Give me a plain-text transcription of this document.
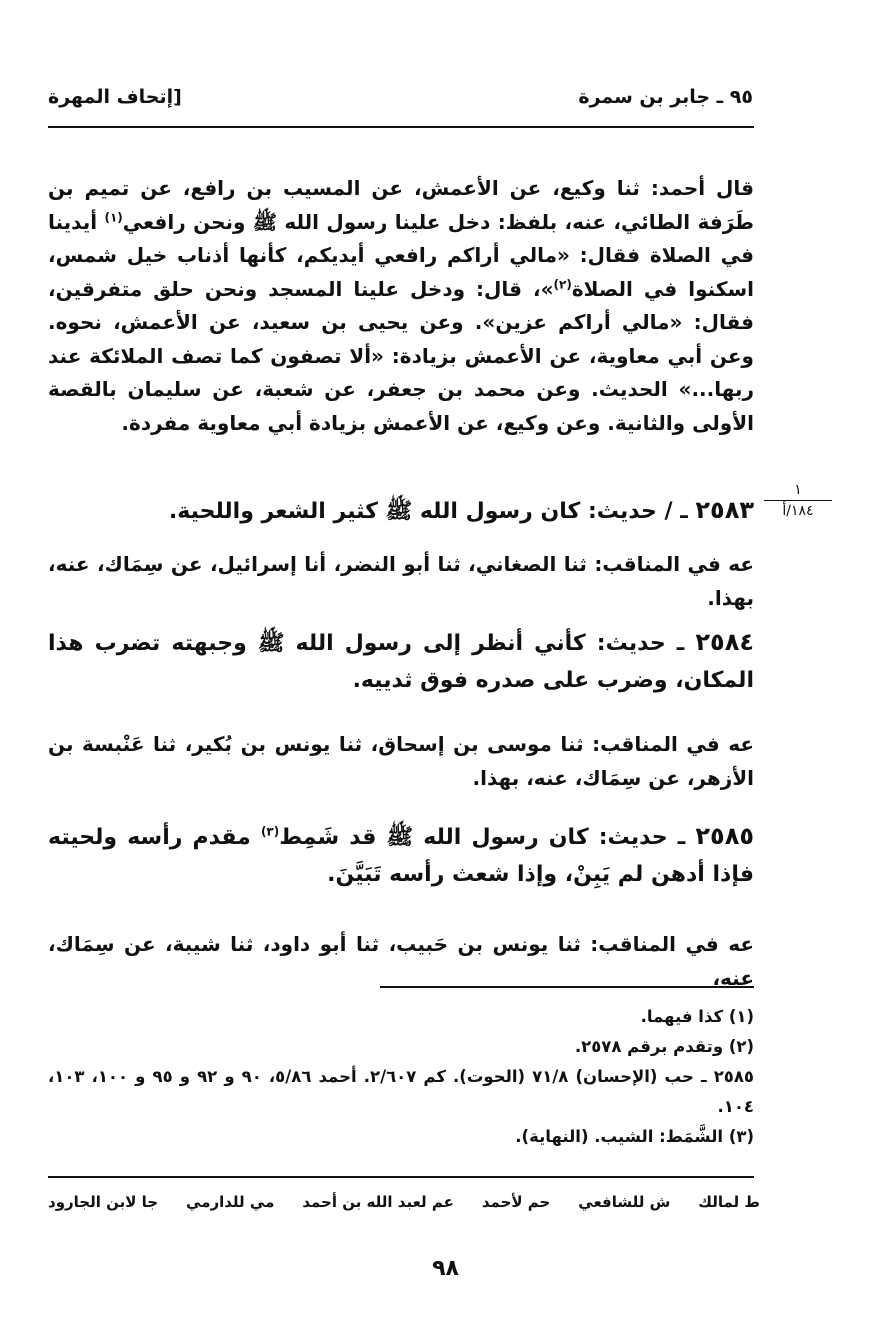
٩٥ ـ جابر بن سمرة
[إتحاف المهرة
قال أحمد: ثنا وكيع، عن الأعمش، عن المسيب بن رافع، عن تميم بن طَرَفة الطائي، عنه، بلفظ: دخل علينا رسول الله ﷺ ونحن رافعي$^{(١)}$ أيدينا في الصلاة فقال: «مالي أراكم رافعي أيديكم، كأنها أذناب خيل شمس، اسكنوا في الصلاة$^{(٢)}$»، قال: ودخل علينا المسجد ونحن حلق متفرقين، فقال: «مالي أراكم عزين». وعن يحيى بن سعيد، عن الأعمش، نحوه. وعن أبي معاوية، عن الأعمش بزيادة: «ألا تصفون كما تصف الملائكة عند ربها...» الحديث. وعن محمد بن جعفر، عن شعبة، عن سليمان بالقصة الأولى والثانية. وعن وكيع، عن الأعمش بزيادة أبي معاوية مفردة.
١
١٨٤/أ
٢٥٨٣ ـ / حديث: كان رسول الله ﷺ كثير الشعر واللحية.
عه في المناقب: ثنا الصغاني، ثنا أبو النضر، أنا إسرائيل، عن سِمَاك، عنه، بهذا.
٢٥٨٤ ـ حديث: كأني أنظر إلى رسول الله ﷺ وجبهته تضرب هذا المكان، وضرب على صدره فوق ثدييه.
عه في المناقب: ثنا موسى بن إسحاق، ثنا يونس بن بُكير، ثنا عَنْبسة بن الأزهر، عن سِمَاك، عنه، بهذا.
٢٥٨٥ ـ حديث: كان رسول الله ﷺ قد شَمِط$^{(٣)}$ مقدم رأسه ولحيته فإذا أدهن لم يَبِنْ، وإذا شعث رأسه تَبَيَّنَ.
عه في المناقب: ثنا يونس بن حَبيب، ثنا أبو داود، ثنا شيبة، عن سِمَاك، عنه،
(١) كذا فيهما.
(٢) وتقدم برقم ٢٥٧٨.
٢٥٨٥ ـ حب (الإحسان) ٧١/٨ (الحوت). كم ٢/٦٠٧. أحمد ٥/٨٦، ٩٠ و ٩٢ و ٩٥ و ١٠٠، ١٠٣، ١٠٤.
(٣) الشَّمَط: الشيب. (النهاية).
ط لمالك
ش للشافعي
حم لأحمد
عم لعبد الله بن أحمد
مي للدارمي
جا لابن الجارود
٩٨
